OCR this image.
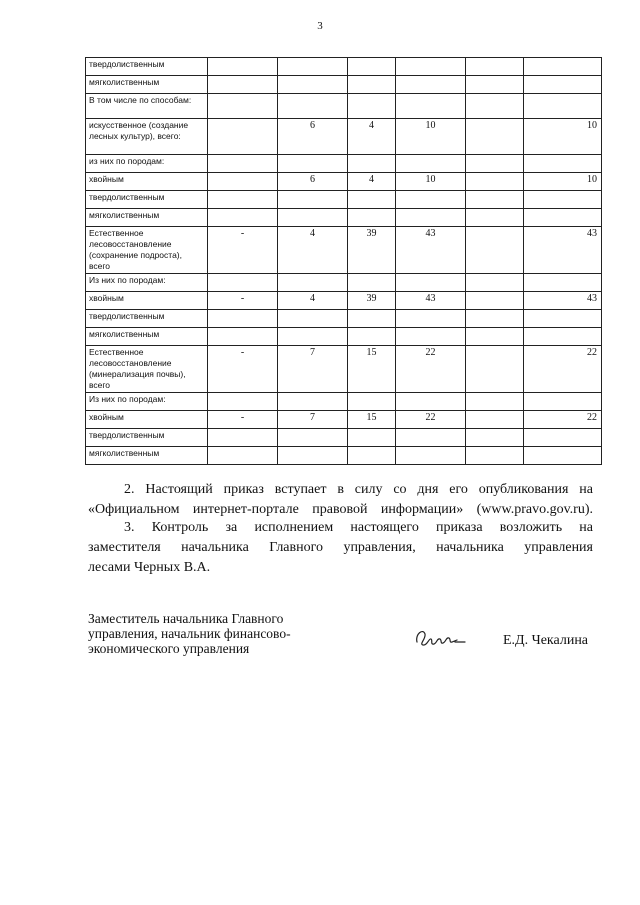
3
твердолиственным						
мягколиственным						
В том числе по способам:						
искусственное (создание лесных культур), всего:		6	4	10		10
из них по породам:						
хвойным		6	4	10		10
твердолиственным						
мягколиственным						
Естественное лесовосстановление (сохранение подроста), всего	-	4	39	43		43
Из них по породам:						
хвойным	-	4	39	43		43
твердолиственным						
мягколиственным						
Естественное лесовосстановление (минерализация почвы), всего	-	7	15	22		22
Из них по породам:						
хвойным	-	7	15	22		22
твердолиственным						
мягколиственным						
2. Настоящий приказ вступает в силу со дня его опубликования на
«Официальном интернет-портале правовой информации» (www.pravo.gov.ru).
3. Контроль за исполнением настоящего приказа возложить на
заместителя начальника Главного управления, начальника управления
лесами Черных В.А.
Заместитель начальника Главного
управления, начальник финансово-
экономического управления
Е.Д. Чекалина
